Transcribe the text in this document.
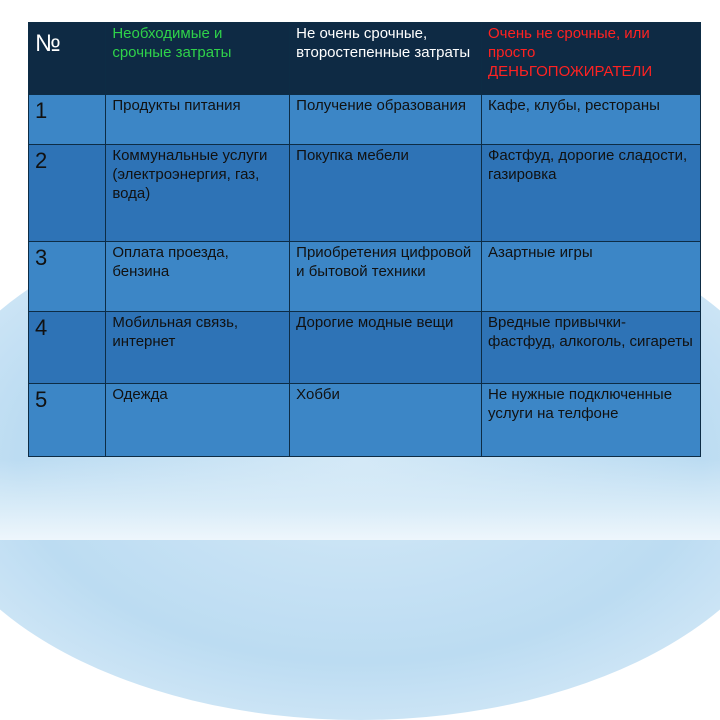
№	Необходимые и срочные затраты	Не очень срочные, второстепенные затраты	Очень не срочные, или просто ДЕНЬГОПОЖИРАТЕЛИ
1	Продукты питания	Получение образования	Кафе, клубы, рестораны
2	Коммунальные услуги (электроэнергия, газ, вода)	Покупка мебели	Фастфуд, дорогие сладости, газировка
3	Оплата проезда, бензина	Приобретения цифровой и бытовой техники	Азартные игры
4	Мобильная связь, интернет	Дорогие модные вещи	Вредные привычки- фастфуд, алкоголь, сигареты
5	Одежда	Хобби	Не нужные подключенные услуги на телфоне
